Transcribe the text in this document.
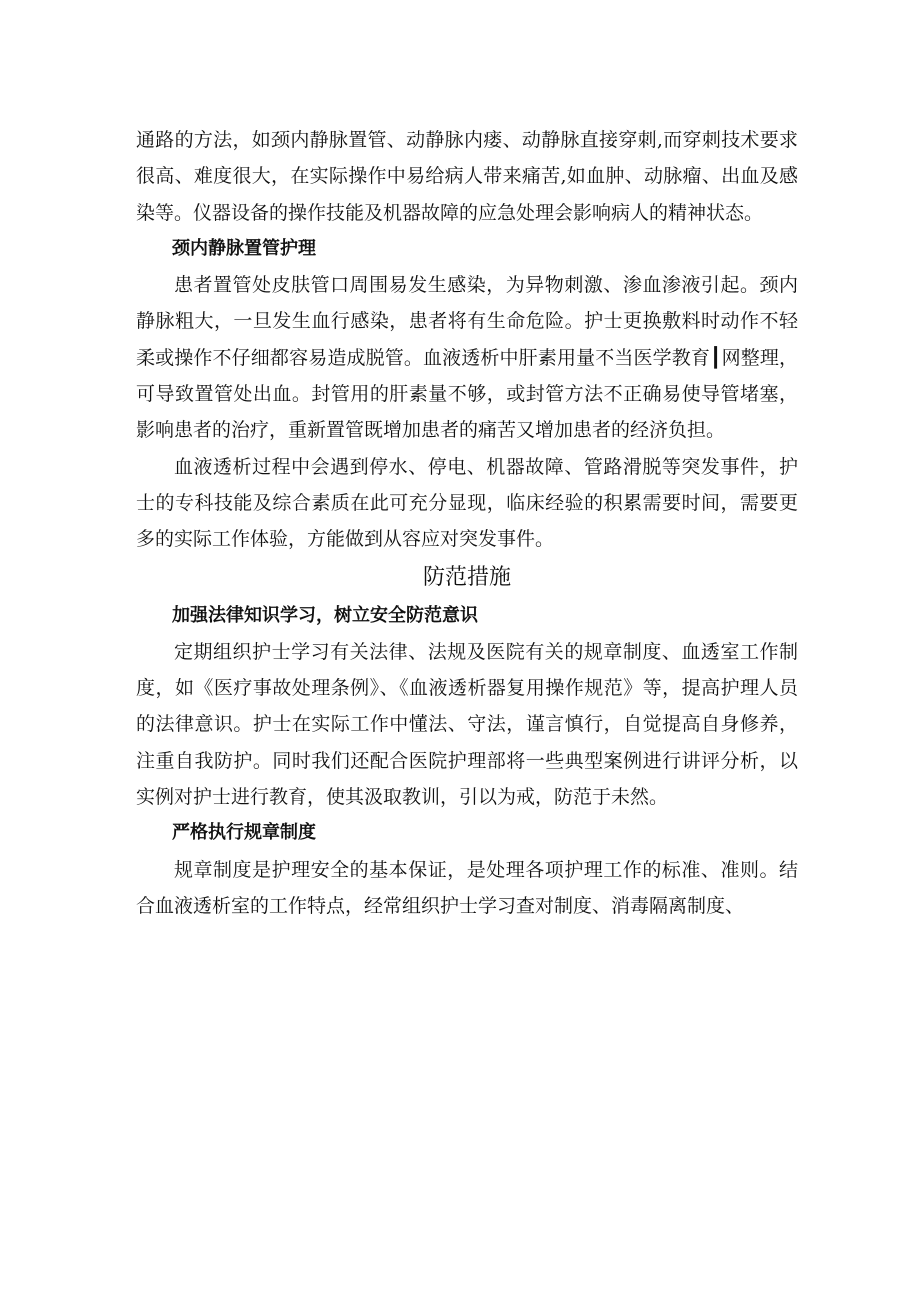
通路的方法，如颈内静脉置管、动静脉内瘘、动静脉直接穿刺,而穿刺技术要求很高、难度很大，在实际操作中易给病人带来痛苦,如血肿、动脉瘤、出血及感染等。仪器设备的操作技能及机器故障的应急处理会影响病人的精神状态。

颈内静脉置管护理

患者置管处皮肤管口周围易发生感染，为异物刺激、渗血渗液引起。颈内静脉粗大，一旦发生血行感染，患者将有生命危险。护士更换敷料时动作不轻柔或操作不仔细都容易造成脱管。血液透析中肝素用量不当医学教育┃网整理，可导致置管处出血。封管用的肝素量不够，或封管方法不正确易使导管堵塞，影响患者的治疗，重新置管既增加患者的痛苦又增加患者的经济负担。

血液透析过程中会遇到停水、停电、机器故障、管路滑脱等突发事件，护士的专科技能及综合素质在此可充分显现，临床经验的积累需要时间，需要更多的实际工作体验，方能做到从容应对突发事件。

防范措施

加强法律知识学习，树立安全防范意识

定期组织护士学习有关法律、法规及医院有关的规章制度、血透室工作制度，如《医疗事故处理条例》、《血液透析器复用操作规范》等，提高护理人员的法律意识。护士在实际工作中懂法、守法，谨言慎行，自觉提高自身修养，注重自我防护。同时我们还配合医院护理部将一些典型案例进行讲评分析，以实例对护士进行教育，使其汲取教训，引以为戒，防范于未然。

严格执行规章制度

规章制度是护理安全的基本保证，是处理各项护理工作的标准、准则。结合血液透析室的工作特点，经常组织护士学习查对制度、消毒隔离制度、
